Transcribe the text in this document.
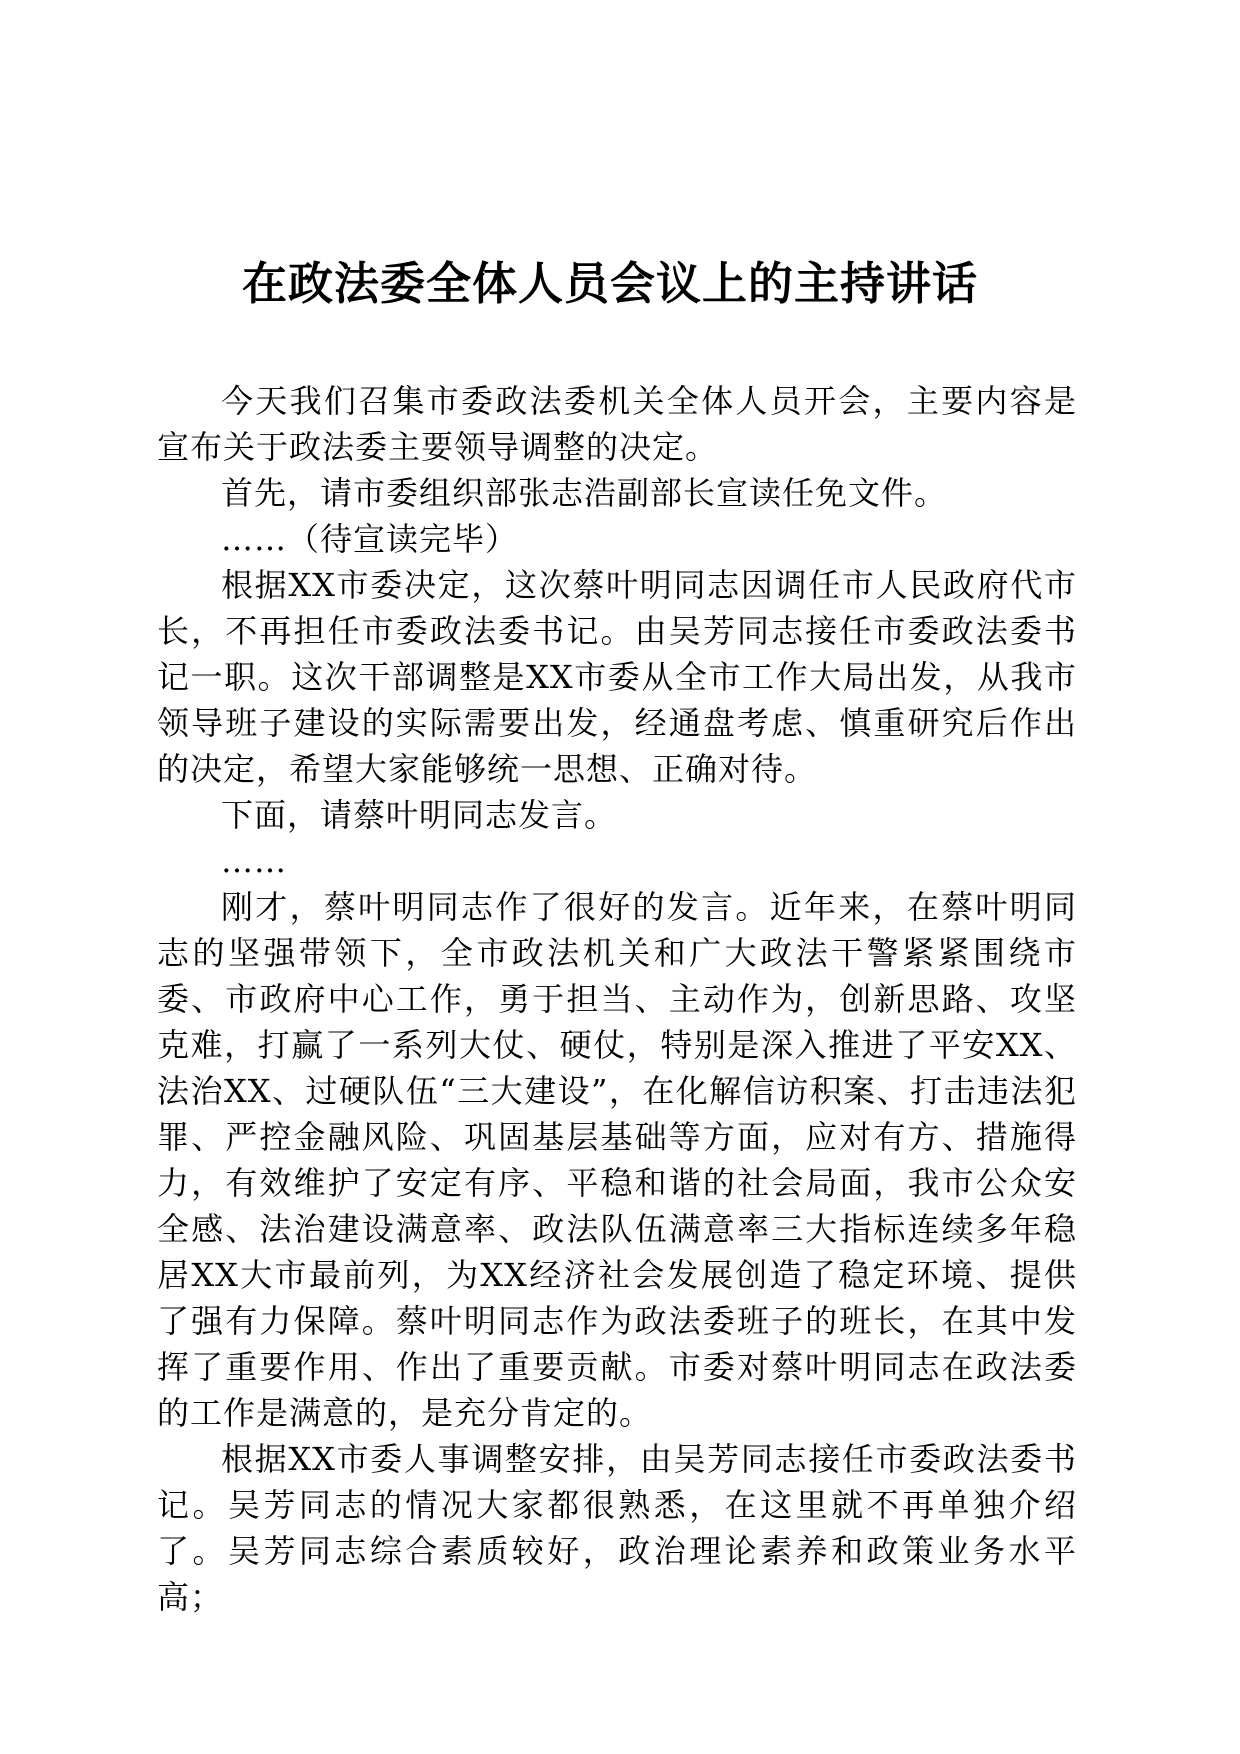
在政法委全体人员会议上的主持讲话

今天我们召集市委政法委机关全体人员开会，主要内容是宣布关于政法委主要领导调整的决定。

首先，请市委组织部张志浩副部长宣读任免文件。

……（待宣读完毕）

根据XX市委决定，这次蔡叶明同志因调任市人民政府代市长，不再担任市委政法委书记。由吴芳同志接任市委政法委书记一职。这次干部调整是XX市委从全市工作大局出发，从我市领导班子建设的实际需要出发，经通盘考虑、慎重研究后作出的决定，希望大家能够统一思想、正确对待。

下面，请蔡叶明同志发言。

……

刚才，蔡叶明同志作了很好的发言。近年来，在蔡叶明同志的坚强带领下，全市政法机关和广大政法干警紧紧围绕市委、市政府中心工作，勇于担当、主动作为，创新思路、攻坚克难，打赢了一系列大仗、硬仗，特别是深入推进了平安XX、法治XX、过硬队伍“三大建设”，在化解信访积案、打击违法犯罪、严控金融风险、巩固基层基础等方面，应对有方、措施得力，有效维护了安定有序、平稳和谐的社会局面，我市公众安全感、法治建设满意率、政法队伍满意率三大指标连续多年稳居XX大市最前列，为XX经济社会发展创造了稳定环境、提供了强有力保障。蔡叶明同志作为政法委班子的班长，在其中发挥了重要作用、作出了重要贡献。市委对蔡叶明同志在政法委的工作是满意的，是充分肯定的。

根据XX市委人事调整安排，由吴芳同志接任市委政法委书记。吴芳同志的情况大家都很熟悉，在这里就不再单独介绍了。吴芳同志综合素质较好，政治理论素养和政策业务水平高；
